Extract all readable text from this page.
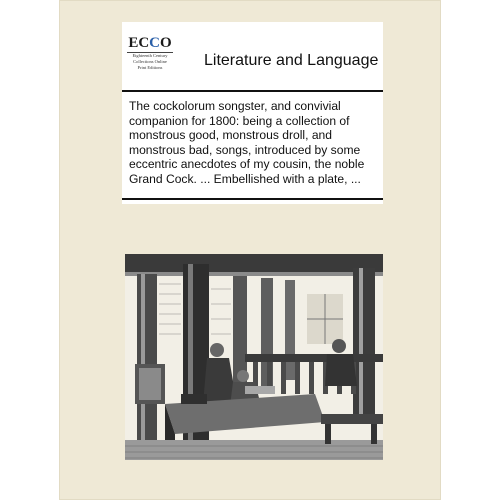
ECCO
Eighteenth Century
Collections Online
Print Editions	Literature and Language
The cockolorum songster, and convivial companion for 1800: being a collection of monstrous good, monstrous droll, and monstrous bad, songs, introduced by some eccentric anecdotes of my cousin, the noble Grand Cock. ... Embellished with a plate, ...
